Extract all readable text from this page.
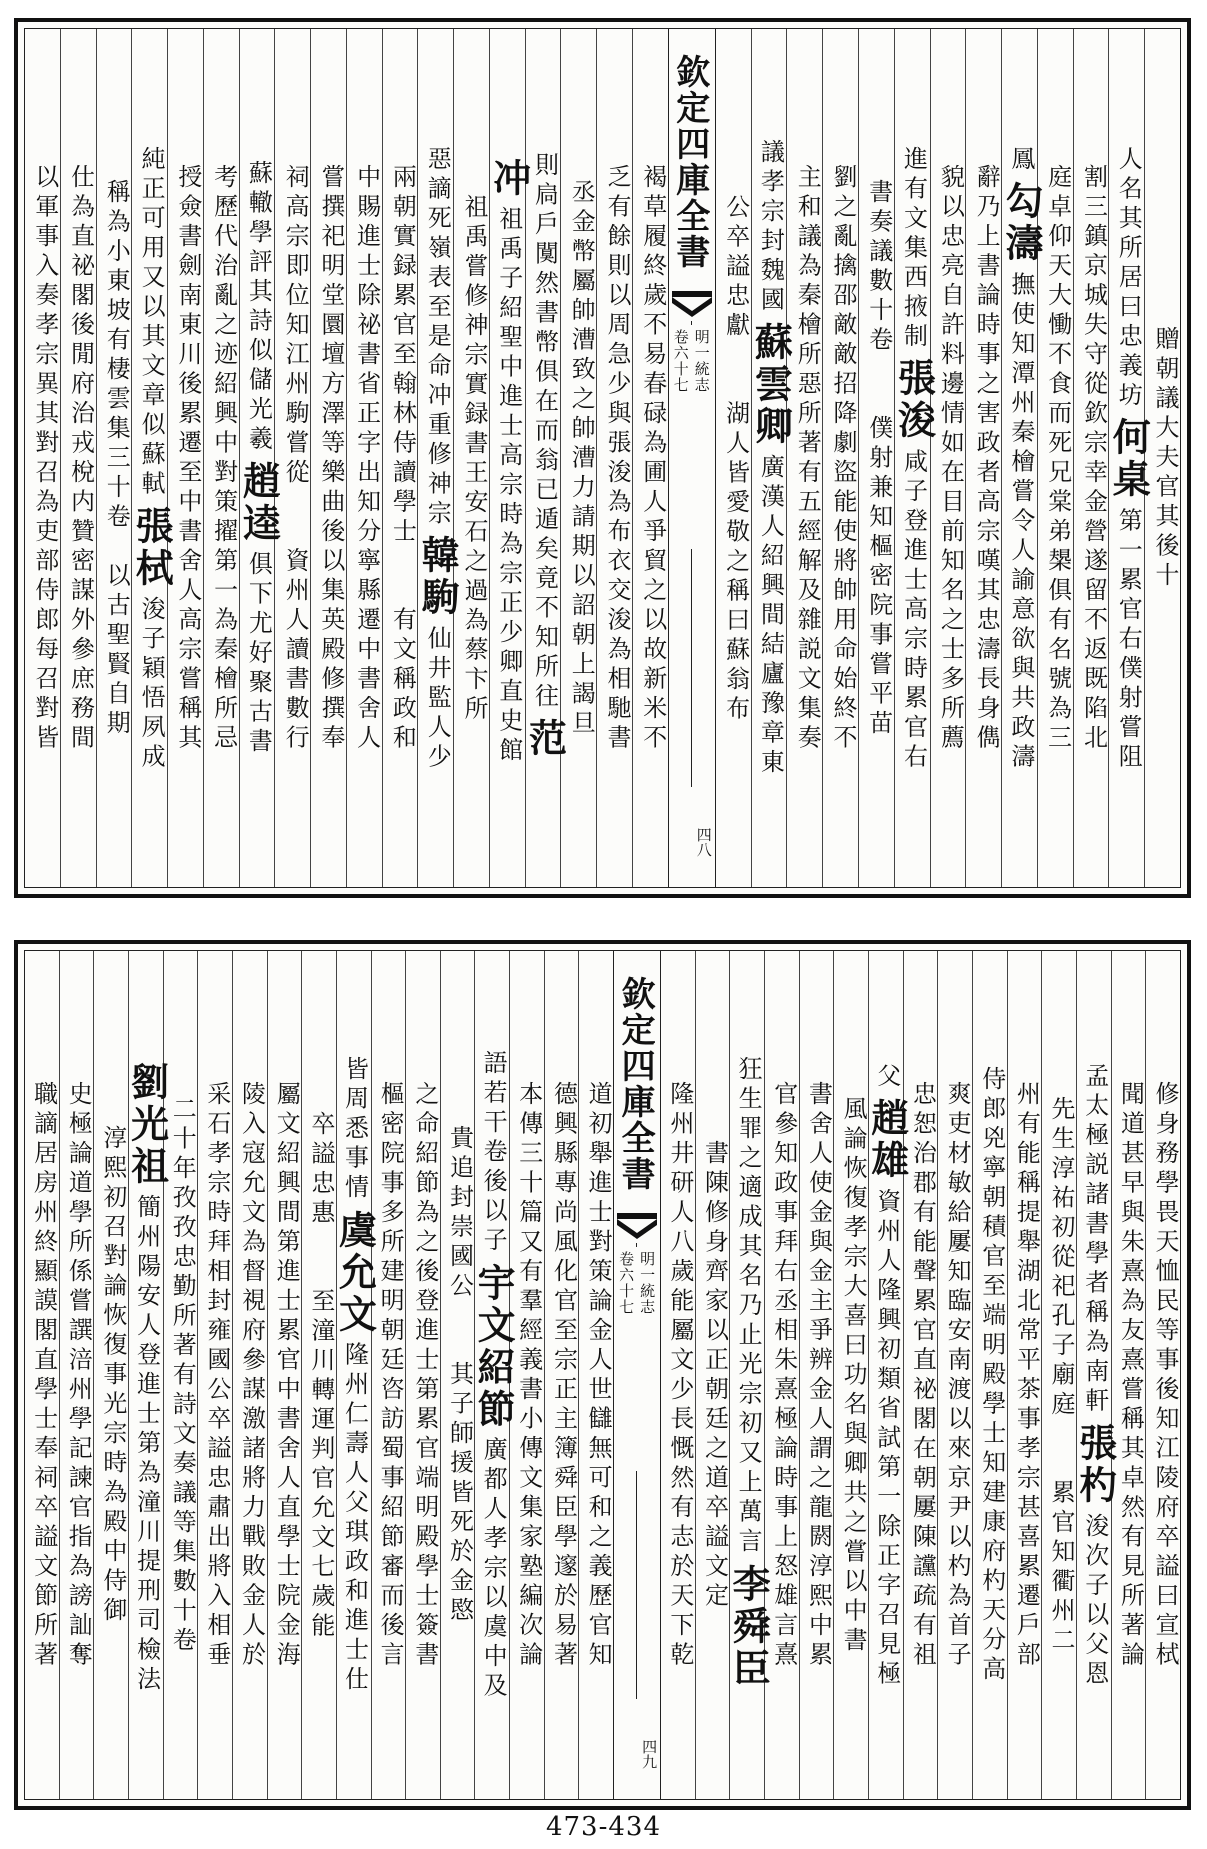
贈朝議大夫官其後十
人名其所居曰忠義坊何桌第一累官右僕射嘗阻
割三鎮京城失守從欽宗幸金營遂留不返既陷北
庭卓仰天大慟不食而死兄棠弟槼俱有名號為三
鳳勾濤撫使知潭州秦檜嘗令人諭意欲與共政濤
辭乃上書論時事之害政者高宗嘆其忠濤長身儁
貌以忠亮自許料邊情如在目前知名之士多所薦
進有文集西掖制張浚咸子登進士高宗時累官右
書奏議數十卷　　僕射兼知樞密院事嘗平苗
劉之亂擒邵敵敵招降劇盜能使將帥用命始終不
主和議為秦檜所惡所著有五經解及雜説文集奏
議孝宗封魏國蘇雲卿廣漢人紹興間結廬豫章東
公卒謚忠獻　　湖人皆愛敬之稱曰蘇翁布
欽定四庫全書
明一統志
卷六十七
四八
褐草履終歲不易春碌為圃人爭貿之以故新米不
乏有餘則以周急少與張浚為布衣交浚為相馳書
丞金幣屬帥漕致之帥漕力請期以詔朝上謁旦
則扃戶闃然書幣俱在而翁已遁矣竟不知所往范
冲祖禹子紹聖中進士高宗時為宗正少卿直史館
祖禹嘗修神宗實録書王安石之過為蔡卞所
惡謫死嶺表至是命冲重修神宗韓駒仙井監人少
兩朝實録累官至翰林侍讀學士　　有文稱政和
中賜進士除祕書省正字出知分寧縣遷中書舍人
嘗撰祀明堂圜壇方澤等樂曲後以集英殿修撰奉
祠高宗即位知江州駒嘗從　　資州人讀書數行
蘇轍學評其詩似儲光羲趙逵俱下尤好聚古書
考歷代治亂之迹紹興中對策擢第一為秦檜所忌
授僉書劍南東川後累遷至中書舍人高宗嘗稱其
純正可用又以其文章似蘇軾張栻浚子穎悟夙成
稱為小東坡有棲雲集三十卷　以古聖賢自期
仕為直祕閣後閒府治戎梲内贊密謀外參庶務間
以軍事入奏孝宗異其對召為吏部侍郎每召對皆
修身務學畏天恤民等事後知江陵府卒謚曰宣栻
聞道甚早與朱熹為友熹嘗稱其卓然有見所著論
孟太極説諸書學者稱為南軒張杓浚次子以父恩
先生淳祐初從祀孔子廟庭　　累官知衢州二
州有能稱提舉湖北常平茶事孝宗甚喜累遷戶部
侍郎兇寧朝積官至端明殿學士知建康府杓天分高
爽吏材敏給屢知臨安南渡以來京尹以杓為首子
忠恕治郡有能聲累官直祕閣在朝屢陳讜疏有祖
父趙雄資州人隆興初類省試第一除正字召見極
風論恢復孝宗大喜曰功名與卿共之嘗以中書
書舍人使金與金主爭辨金人謂之龍閼淳熙中累
官參知政事拜右丞相朱熹極論時事上怒雄言熹
狂生罪之適成其名乃止光宗初又上萬言李舜臣
書陳修身齊家以正朝廷之道卒謚文定
隆州井研人八歲能屬文少長慨然有志於天下乾
欽定四庫全書
明一統志
卷六十七
四九
道初舉進士對策論金人世讎無可和之義歷官知
德興縣專尚風化官至宗正主簿舜臣學邃於易著
本傳三十篇又有羣經義書小傳文集家塾編次論
語若干卷後以子宇文紹節廣都人孝宗以虞中及
貴追封崇國公　　其子師援皆死於金愍
之命紹節為之後登進士第累官端明殿學士簽書
樞密院事多所建明朝廷咨訪蜀事紹節審而後言
皆周悉事情虞允文隆州仁壽人父琪政和進士仕
卒謚忠惠　　至潼川轉運判官允文七歲能
屬文紹興間第進士累官中書舍人直學士院金海
陵入寇允文為督視府參謀激諸將力戰敗金人於
采石孝宗時拜相封雍國公卒謚忠肅出將入相垂
二十年孜孜忠勤所著有詩文奏議等集數十卷
劉光祖簡州陽安人登進士第為潼川提刑司檢法
淳熙初召對論恢復事光宗時為殿中侍御
史極論道學所係嘗譔涪州學記諫官指為謗訕奪
職謫居房州終顯謨閣直學士奉祠卒謚文節所著
473-434
